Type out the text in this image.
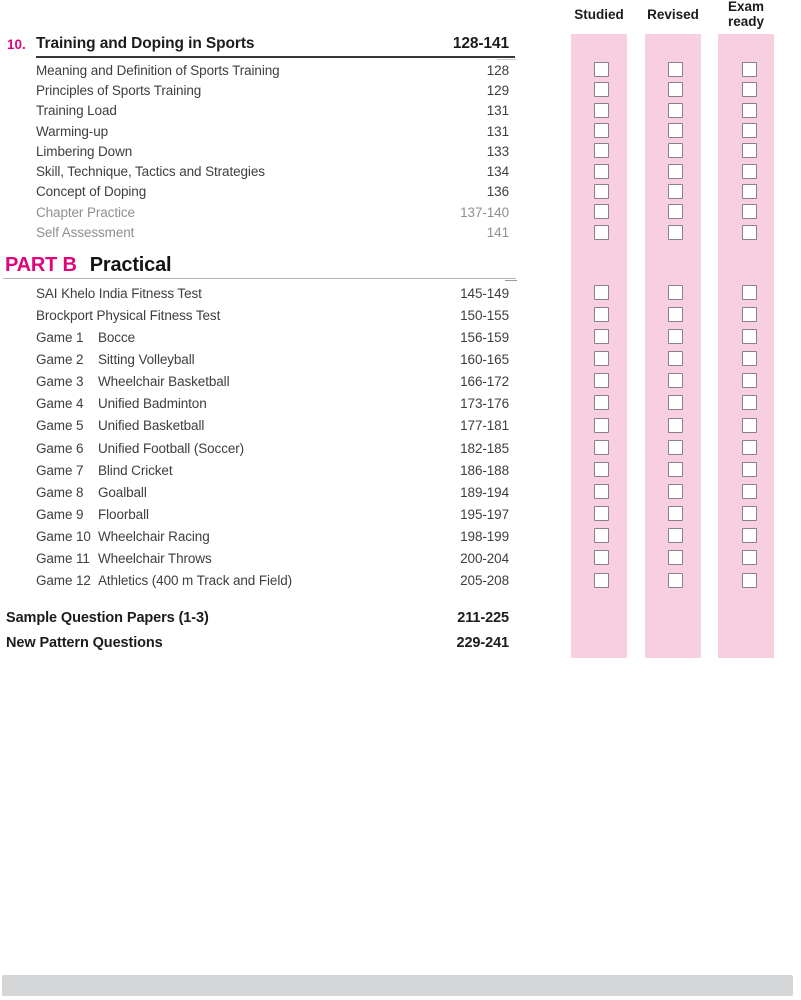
10. Training and Doping in Sports	128-141
Meaning and Definition of Sports Training	128
Principles of Sports Training	129
Training Load	131
Warming-up	131
Limbering Down	133
Skill, Technique, Tactics and Strategies	134
Concept of Doping	136
Chapter Practice	137-140
Self Assessment	141
PART B Practical
SAI Khelo India Fitness Test	145-149
Brockport Physical Fitness Test	150-155
Game 1	Bocce	156-159
Game 2	Sitting Volleyball	160-165
Game 3	Wheelchair Basketball	166-172
Game 4	Unified Badminton	173-176
Game 5	Unified Basketball	177-181
Game 6	Unified Football (Soccer)	182-185
Game 7	Blind Cricket	186-188
Game 8	Goalball	189-194
Game 9	Floorball	195-197
Game 10 Wheelchair Racing	198-199
Game 11 Wheelchair Throws	200-204
Game 12 Athletics (400 m Track and Field)	205-208
Sample Question Papers (1-3)	211-225
New Pattern Questions	229-241
Studied	Revised
Exam ready
